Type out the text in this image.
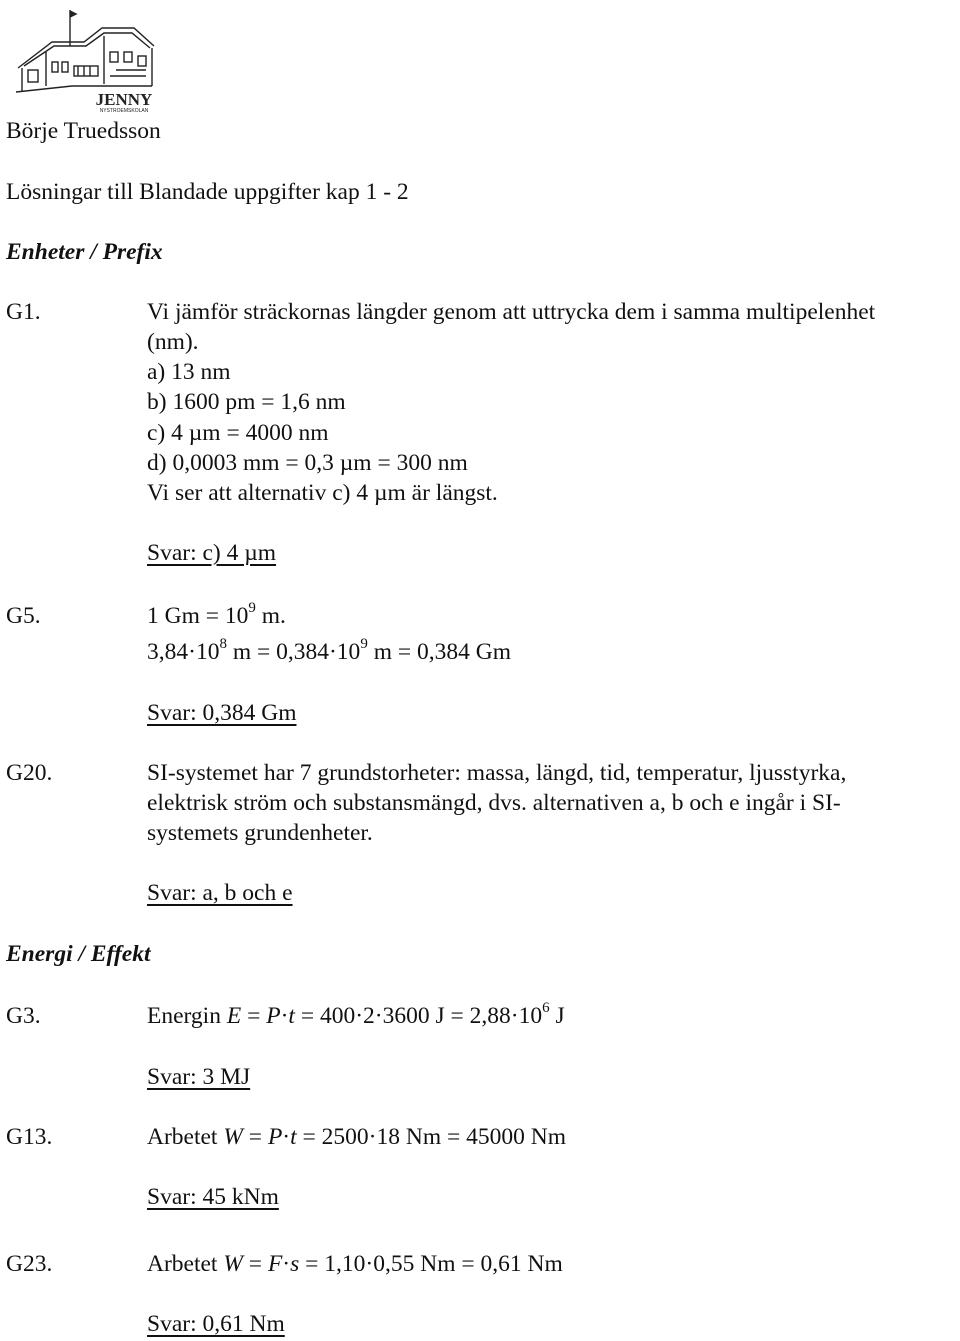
JENNY
NYSTROEMSKOLAN
Börje Truedsson
Lösningar till Blandade uppgifter kap 1 - 2
Enheter / Prefix
G1.	Vi jämför sträckornas längder genom att uttrycka dem i samma multipelenhet
(nm).
a) 13 nm
b) 1600 pm = 1,6 nm
c) 4 µm = 4000 nm
d) 0,0003 mm = 0,3 µm = 300 nm
Vi ser att alternativ c) 4 µm är längst.
Svar: c) 4 µm
G5.	1 $Gm = 10^9$ m.
$3,84\cdot 10^8$ $m = 0,384\cdot 10^9$ m = 0,384 Gm
Svar: 0,384 Gm
G20.	SI-systemet har 7 grundstorheter: massa, längd, tid, temperatur, ljusstyrka,
elektrisk ström och substansmängd, dvs. alternativen a, b och e ingår i SI-
systemets grundenheter.
Svar: a, b och e
Energi / Effekt
G3.	Energin E = P·t = 400·2·3600 $J = 2,88\cdot 10^6$ J
Svar: 3 MJ
G13.	Arbetet W = P·t = 2500·18 Nm = 45000 Nm
Svar: 45 kNm
G23.	Arbetet W = F·s = 1,10·0,55 Nm = 0,61 Nm
Svar: 0,61 Nm
